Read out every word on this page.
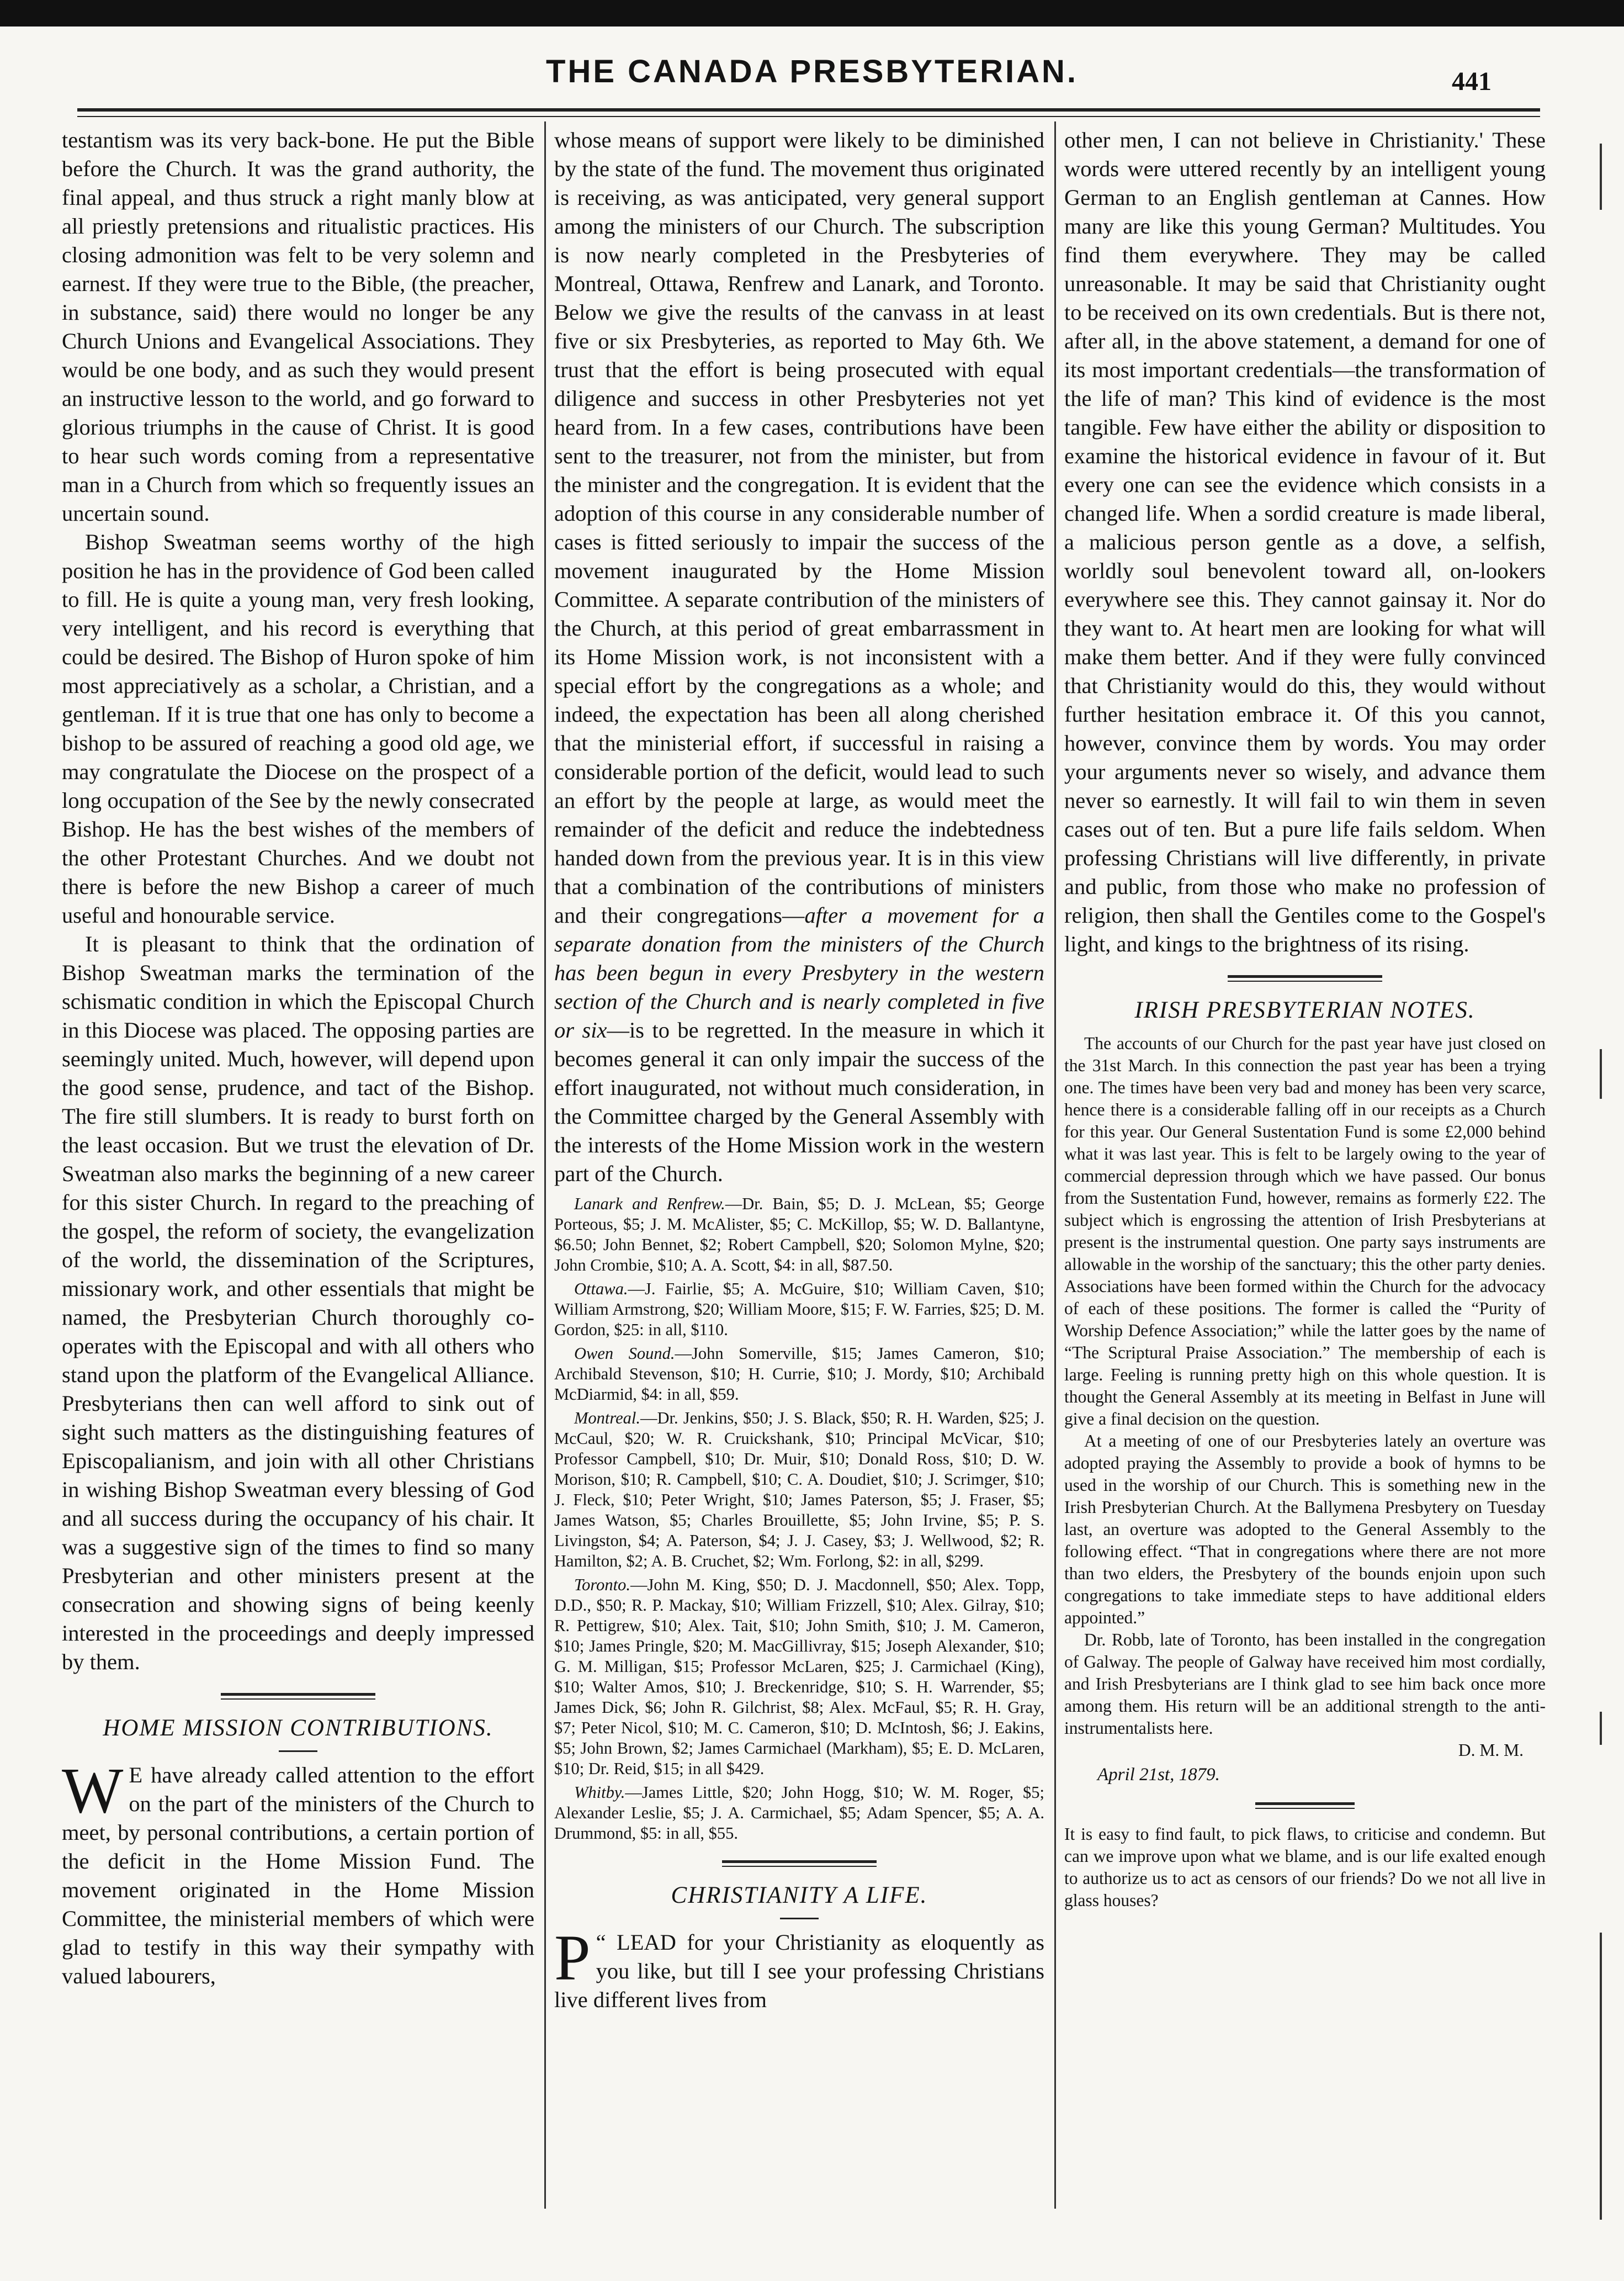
THE CANADA PRESBYTERIAN.	441

testantism was its very back-bone. He put the Bible before the Church. It was the grand authority, the final appeal, and thus struck a right manly blow at all priestly pretensions and ritualistic practices. His closing admonition was felt to be very solemn and earnest. If they were true to the Bible, (the preacher, in substance, said) there would no longer be any Church Unions and Evangelical Associations. They would be one body, and as such they would present an instructive lesson to the world, and go forward to glorious triumphs in the cause of Christ. It is good to hear such words coming from a representative man in a Church from which so frequently issues an uncertain sound.

Bishop Sweatman seems worthy of the high position he has in the providence of God been called to fill. He is quite a young man, very fresh looking, very intelligent, and his record is everything that could be desired. The Bishop of Huron spoke of him most appreciatively as a scholar, a Christian, and a gentleman. If it is true that one has only to become a bishop to be assured of reaching a good old age, we may congratulate the Diocese on the prospect of a long occupation of the See by the newly consecrated Bishop. He has the best wishes of the members of the other Protestant Churches. And we doubt not there is before the new Bishop a career of much useful and honourable service.

It is pleasant to think that the ordination of Bishop Sweatman marks the termination of the schismatic condition in which the Episcopal Church in this Diocese was placed. The opposing parties are seemingly united. Much, however, will depend upon the good sense, prudence, and tact of the Bishop. The fire still slumbers. It is ready to burst forth on the least occasion. But we trust the elevation of Dr. Sweatman also marks the beginning of a new career for this sister Church. In regard to the preaching of the gospel, the reform of society, the evangelization of the world, the dissemination of the Scriptures, missionary work, and other essentials that might be named, the Presbyterian Church thoroughly co-operates with the Episcopal and with all others who stand upon the platform of the Evangelical Alliance. Presbyterians then can well afford to sink out of sight such matters as the distinguishing features of Episcopalianism, and join with all other Christians in wishing Bishop Sweatman every blessing of God and all success during the occupancy of his chair. It was a suggestive sign of the times to find so many Presbyterian and other ministers present at the consecration and showing signs of being keenly interested in the proceedings and deeply impressed by them.

HOME MISSION CONTRIBUTIONS.

W E have already called attention to the effort on the part of the ministers of the Church to meet, by personal contributions, a certain portion of the deficit in the Home Mission Fund. The movement originated in the Home Mission Committee, the ministerial members of which were glad to testify in this way their sympathy with valued labourers,

whose means of support were likely to be diminished by the state of the fund. The movement thus originated is receiving, as was anticipated, very general support among the ministers of our Church. The subscription is now nearly completed in the Presbyteries of Montreal, Ottawa, Renfrew and Lanark, and Toronto. Below we give the results of the canvass in at least five or six Presbyteries, as reported to May 6th. We trust that the effort is being prosecuted with equal diligence and success in other Presbyteries not yet heard from. In a few cases, contributions have been sent to the treasurer, not from the minister, but from the minister and the congregation. It is evident that the adoption of this course in any considerable number of cases is fitted seriously to impair the success of the movement inaugurated by the Home Mission Committee. A separate contribution of the ministers of the Church, at this period of great embarrassment in its Home Mission work, is not inconsistent with a special effort by the congregations as a whole; and indeed, the expectation has been all along cherished that the ministerial effort, if successful in raising a considerable portion of the deficit, would lead to such an effort by the people at large, as would meet the remainder of the deficit and reduce the indebtedness handed down from the previous year. It is in this view that a combination of the contributions of ministers and their congregations—after a movement for a separate donation from the ministers of the Church has been begun in every Presbytery in the western section of the Church and is nearly completed in five or six—is to be regretted. In the measure in which it becomes general it can only impair the success of the effort inaugurated, not without much consideration, in the Committee charged by the General Assembly with the interests of the Home Mission work in the western part of the Church.

Lanark and Renfrew.—Dr. Bain, $5; D. J. McLean, $5; George Porteous, $5; J. M. McAlister, $5; C. McKillop, $5; W. D. Ballantyne, $6.50; John Bennet, $2; Robert Campbell, $20; Solomon Mylne, $20; John Crombie, $10; A. A. Scott, $4: in all, $87.50.

Ottawa.—J. Fairlie, $5; A. McGuire, $10; William Caven, $10; William Armstrong, $20; William Moore, $15; F. W. Farries, $25; D. M. Gordon, $25: in all, $110.

Owen Sound.—John Somerville, $15; James Cameron, $10; Archibald Stevenson, $10; H. Currie, $10; J. Mordy, $10; Archibald McDiarmid, $4: in all, $59.

Montreal.—Dr. Jenkins, $50; J. S. Black, $50; R. H. Warden, $25; J. McCaul, $20; W. R. Cruickshank, $10; Principal McVicar, $10; Professor Campbell, $10; Dr. Muir, $10; Donald Ross, $10; D. W. Morison, $10; R. Campbell, $10; C. A. Doudiet, $10; J. Scrimger, $10; J. Fleck, $10; Peter Wright, $10; James Paterson, $5; J. Fraser, $5; James Watson, $5; Charles Brouillette, $5; John Irvine, $5; P. S. Livingston, $4; A. Paterson, $4; J. J. Casey, $3; J. Wellwood, $2; R. Hamilton, $2; A. B. Cruchet, $2; Wm. Forlong, $2: in all, $299.

Toronto.—John M. King, $50; D. J. Macdonnell, $50; Alex. Topp, D.D., $50; R. P. Mackay, $10; William Frizzell, $10; Alex. Gilray, $10; R. Pettigrew, $10; Alex. Tait, $10; John Smith, $10; J. M. Cameron, $10; James Pringle, $20; M. MacGillivray, $15; Joseph Alexander, $10; G. M. Milligan, $15; Professor McLaren, $25; J. Carmichael (King), $10; Walter Amos, $10; J. Breckenridge, $10; S. H. Warrender, $5; James Dick, $6; John R. Gilchrist, $8; Alex. McFaul, $5; R. H. Gray, $7; Peter Nicol, $10; M. C. Cameron, $10; D. McIntosh, $6; J. Eakins, $5; John Brown, $2; James Carmichael (Markham), $5; E. D. McLaren, $10; Dr. Reid, $15; in all $429.

Whitby.—James Little, $20; John Hogg, $10; W. M. Roger, $5; Alexander Leslie, $5; J. A. Carmichael, $5; Adam Spencer, $5; A. A. Drummond, $5: in all, $55.

CHRISTIANITY A LIFE.

“
P LEAD for your Christianity as eloquently as you like, but till I see your professing Christians live different lives from

other men, I can not believe in Christianity.' These words were uttered recently by an intelligent young German to an English gentleman at Cannes. How many are like this young German? Multitudes. You find them everywhere. They may be called unreasonable. It may be said that Christianity ought to be received on its own credentials. But is there not, after all, in the above statement, a demand for one of its most important credentials—the transformation of the life of man? This kind of evidence is the most tangible. Few have either the ability or disposition to examine the historical evidence in favour of it. But every one can see the evidence which consists in a changed life. When a sordid creature is made liberal, a malicious person gentle as a dove, a selfish, worldly soul benevolent toward all, on-lookers everywhere see this. They cannot gainsay it. Nor do they want to. At heart men are looking for what will make them better. And if they were fully convinced that Christianity would do this, they would without further hesitation embrace it. Of this you cannot, however, convince them by words. You may order your arguments never so wisely, and advance them never so earnestly. It will fail to win them in seven cases out of ten. But a pure life fails seldom. When professing Christians will live differently, in private and public, from those who make no profession of religion, then shall the Gentiles come to the Gospel's light, and kings to the brightness of its rising.

IRISH PRESBYTERIAN NOTES.

The accounts of our Church for the past year have just closed on the 31st March. In this connection the past year has been a trying one. The times have been very bad and money has been very scarce, hence there is a considerable falling off in our receipts as a Church for this year. Our General Sustentation Fund is some £2,000 behind what it was last year. This is felt to be largely owing to the year of commercial depression through which we have passed. Our bonus from the Sustentation Fund, however, remains as formerly £22. The subject which is engrossing the attention of Irish Presbyterians at present is the instrumental question. One party says instruments are allowable in the worship of the sanctuary; this the other party denies. Associations have been formed within the Church for the advocacy of each of these positions. The former is called the “Purity of Worship Defence Association;” while the latter goes by the name of “The Scriptural Praise Association.” The membership of each is large. Feeling is running pretty high on this whole question. It is thought the General Assembly at its meeting in Belfast in June will give a final decision on the question.

At a meeting of one of our Presbyteries lately an overture was adopted praying the Assembly to provide a book of hymns to be used in the worship of our Church. This is something new in the Irish Presbyterian Church. At the Ballymena Presbytery on Tuesday last, an overture was adopted to the General Assembly to the following effect. “That in congregations where there are not more than two elders, the Presbytery of the bounds enjoin upon such congregations to take immediate steps to have additional elders appointed.”

Dr. Robb, late of Toronto, has been installed in the congregation of Galway. The people of Galway have received him most cordially, and Irish Presbyterians are I think glad to see him back once more among them. His return will be an additional strength to the anti-instrumentalists here.

D. M. M.
April 21st, 1879.

It is easy to find fault, to pick flaws, to criticise and condemn. But can we improve upon what we blame, and is our life exalted enough to authorize us to act as censors of our friends? Do we not all live in glass houses?
